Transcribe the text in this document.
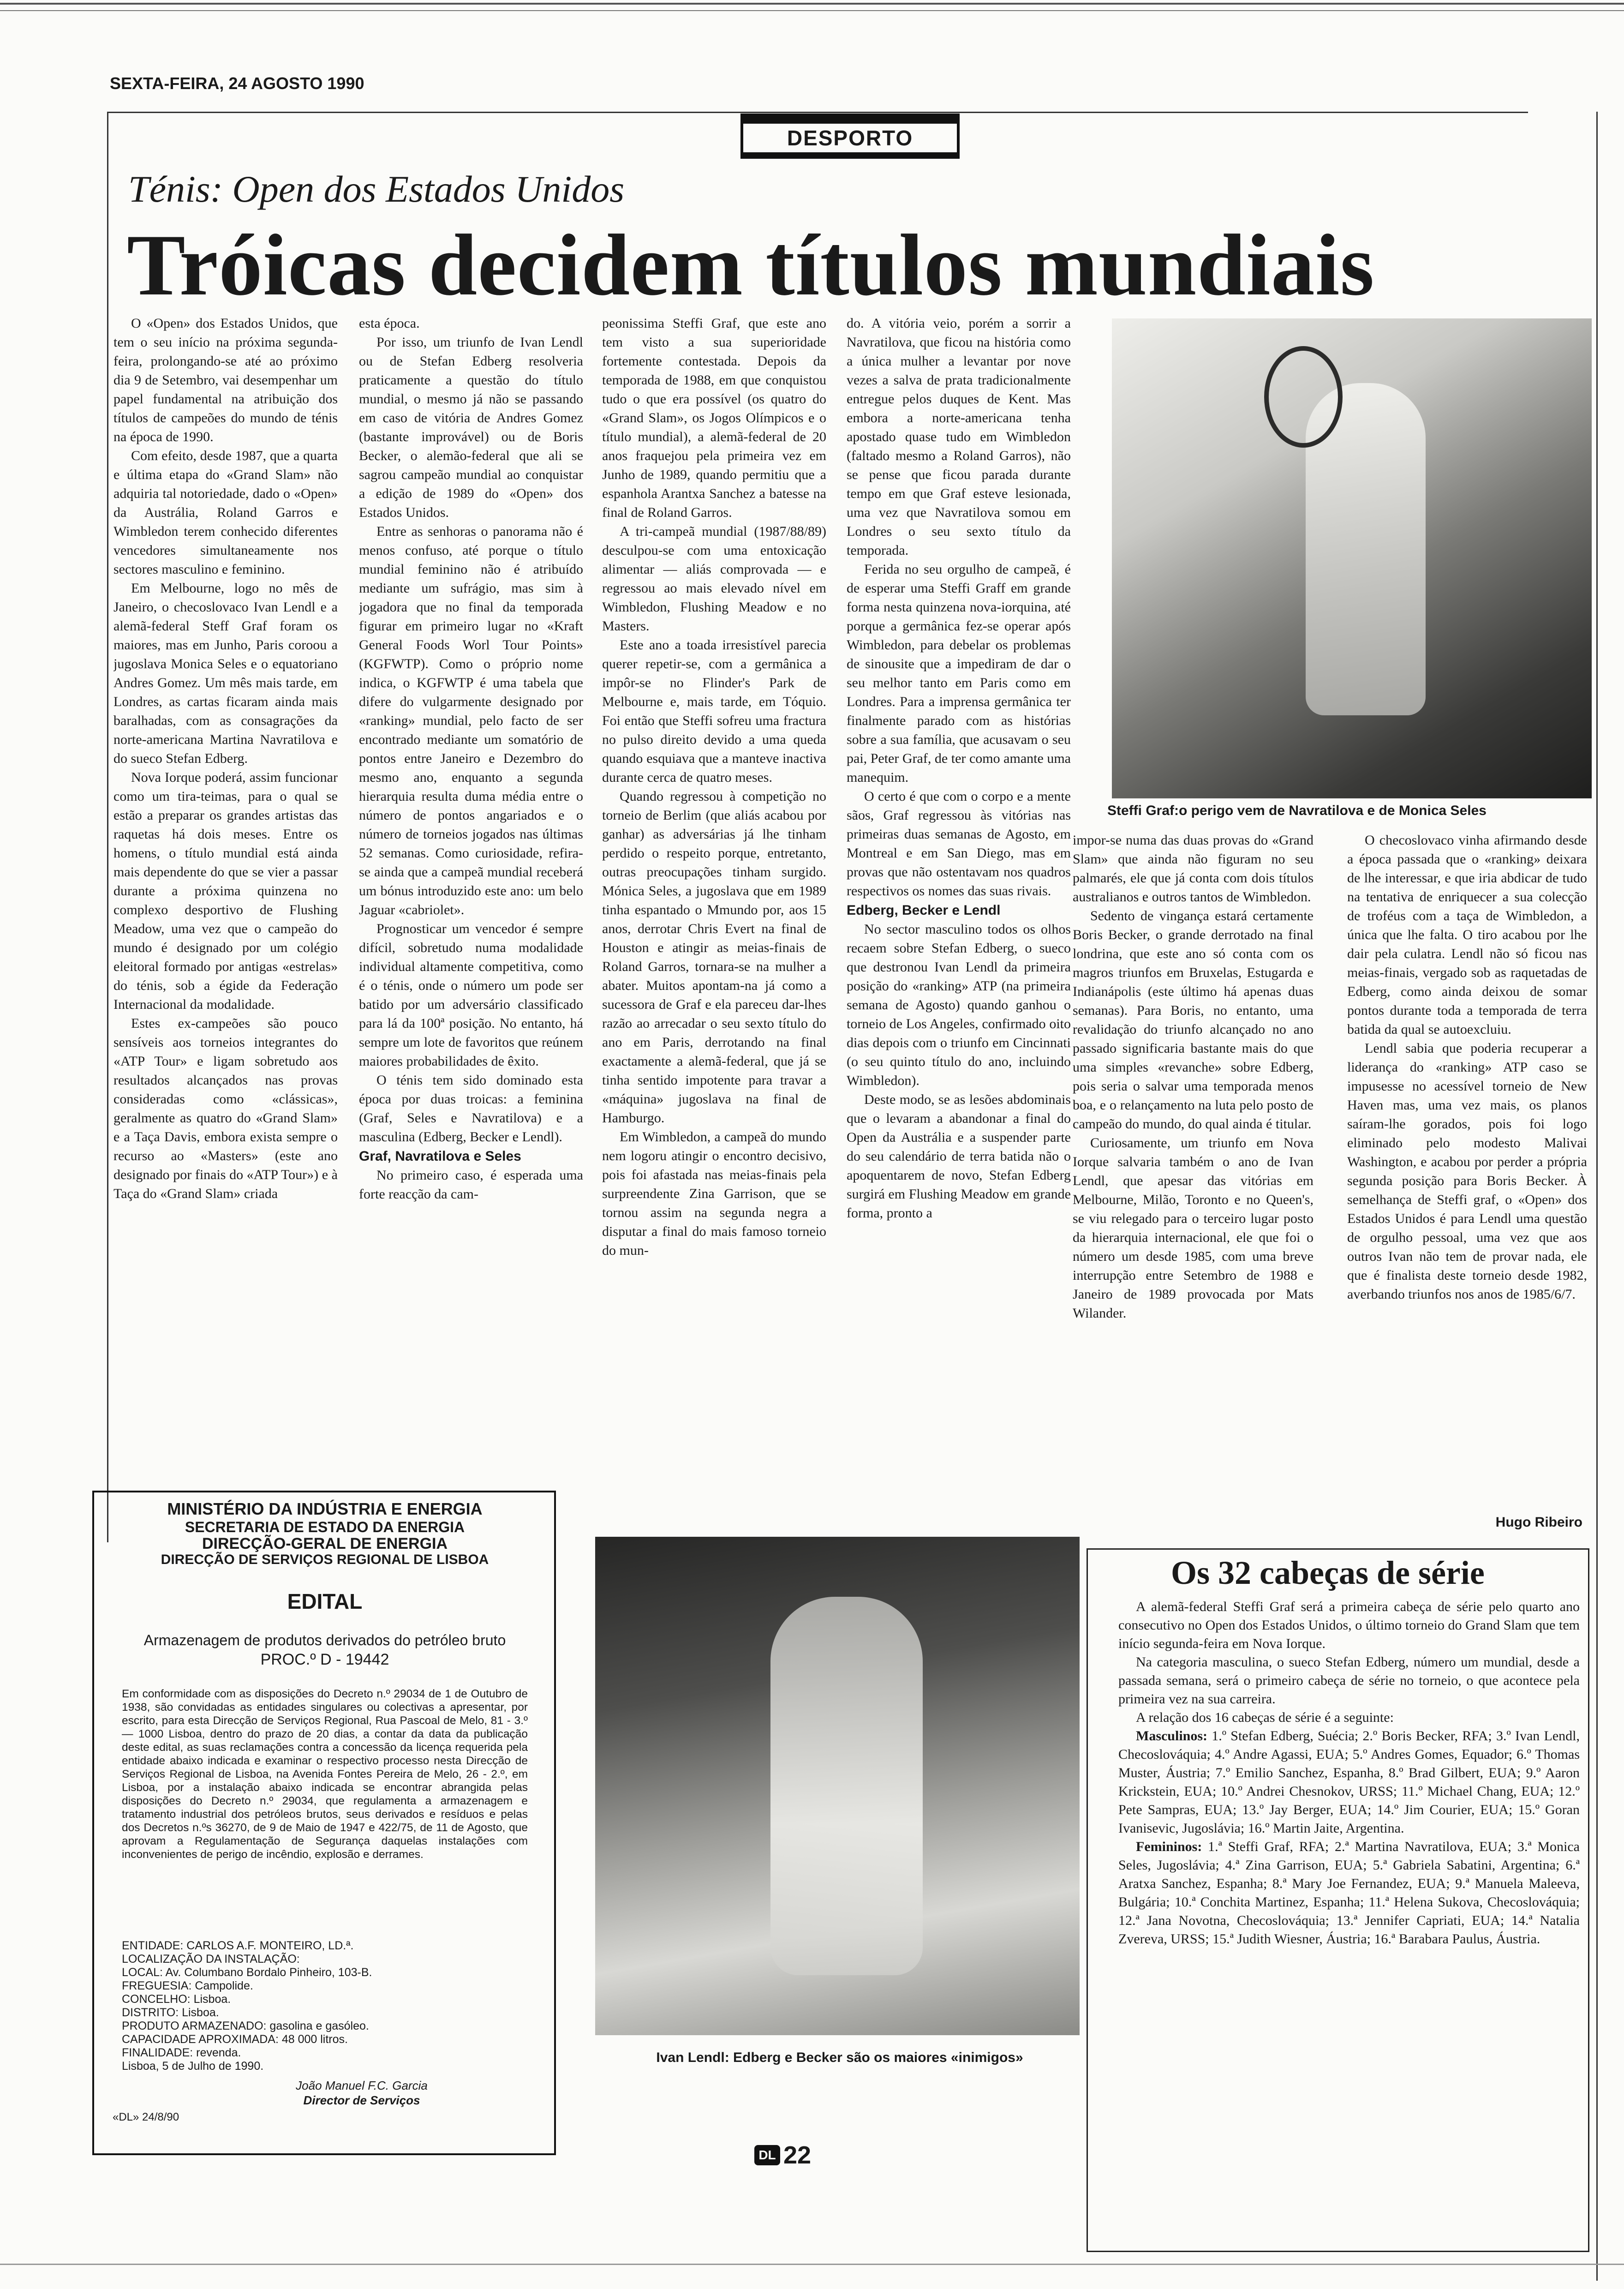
SEXTA-FEIRA, 24 AGOSTO 1990
DESPORTO
Ténis: Open dos Estados Unidos
Tróicas decidem títulos mundiais

O «Open» dos Estados Unidos, que tem o seu início na próxima segunda-feira, prolongando-se até ao próximo dia 9 de Setembro, vai desempenhar um papel fundamental na atribuição dos títulos de campeões do mundo de ténis na época de 1990.

Com efeito, desde 1987, que a quarta e última etapa do «Grand Slam» não adquiria tal notoriedade, dado o «Open» da Austrália, Roland Garros e Wimbledon terem conhecido diferentes vencedores simultaneamente nos sectores masculino e feminino.

Em Melbourne, logo no mês de Janeiro, o checoslovaco Ivan Lendl e a alemã-federal Steff Graf foram os maiores, mas em Junho, Paris coroou a jugoslava Monica Seles e o equatoriano Andres Gomez. Um mês mais tarde, em Londres, as cartas ficaram ainda mais baralhadas, com as consagrações da norte-americana Martina Navratilova e do sueco Stefan Edberg.

Nova Iorque poderá, assim funcionar como um tira-teimas, para o qual se estão a preparar os grandes artistas das raquetas há dois meses. Entre os homens, o título mundial está ainda mais dependente do que se vier a passar durante a próxima quinzena no complexo desportivo de Flushing Meadow, uma vez que o campeão do mundo é designado por um colégio eleitoral formado por antigas «estrelas» do ténis, sob a égide da Federação Internacional da modalidade.

Estes ex-campeões são pouco sensíveis aos torneios integrantes do «ATP Tour» e ligam sobretudo aos resultados alcançados nas provas consideradas como «clássicas», geralmente as quatro do «Grand Slam» e a Taça Davis, embora exista sempre o recurso ao «Masters» (este ano designado por finais do «ATP Tour») e à Taça do «Grand Slam» criada

esta época.

Por isso, um triunfo de Ivan Lendl ou de Stefan Edberg resolveria praticamente a questão do título mundial, o mesmo já não se passando em caso de vitória de Andres Gomez (bastante improvável) ou de Boris Becker, o alemão-federal que ali se sagrou campeão mundial ao conquistar a edição de 1989 do «Open» dos Estados Unidos.

Entre as senhoras o panorama não é menos confuso, até porque o título mundial feminino não é atribuído mediante um sufrágio, mas sim à jogadora que no final da temporada figurar em primeiro lugar no «Kraft General Foods Worl Tour Points» (KGFWTP). Como o próprio nome indica, o KGFWTP é uma tabela que difere do vulgarmente designado por «ranking» mundial, pelo facto de ser encontrado mediante um somatório de pontos entre Janeiro e Dezembro do mesmo ano, enquanto a segunda hierarquia resulta duma média entre o número de pontos angariados e o número de torneios jogados nas últimas 52 semanas. Como curiosidade, refira-se ainda que a campeã mundial receberá um bónus introduzido este ano: um belo Jaguar «cabriolet».

Prognosticar um vencedor é sempre difícil, sobretudo numa modalidade individual altamente competitiva, como é o ténis, onde o número um pode ser batido por um adversário classificado para lá da 100ª posição. No entanto, há sempre um lote de favoritos que reúnem maiores probabilidades de êxito.

O ténis tem sido dominado esta época por duas troicas: a feminina (Graf, Seles e Navratilova) e a masculina (Edberg, Becker e Lendl).

Graf, Navratilova e Seles

No primeiro caso, é esperada uma forte reacção da cam-

peonissima Steffi Graf, que este ano tem visto a sua superioridade fortemente contestada. Depois da temporada de 1988, em que conquistou tudo o que era possível (os quatro do «Grand Slam», os Jogos Olímpicos e o título mundial), a alemã-federal de 20 anos fraquejou pela primeira vez em Junho de 1989, quando permitiu que a espanhola Arantxa Sanchez a batesse na final de Roland Garros.

A tri-campeã mundial (1987/88/89) desculpou-se com uma entoxicação alimentar — aliás comprovada — e regressou ao mais elevado nível em Wimbledon, Flushing Meadow e no Masters.

Este ano a toada irresistível parecia querer repetir-se, com a germânica a impôr-se no Flinder's Park de Melbourne e, mais tarde, em Tóquio. Foi então que Steffi sofreu uma fractura no pulso direito devido a uma queda quando esquiava que a manteve inactiva durante cerca de quatro meses.

Quando regressou à competição no torneio de Berlim (que aliás acabou por ganhar) as adversárias já lhe tinham perdido o respeito porque, entretanto, outras preocupações tinham surgido. Mónica Seles, a jugoslava que em 1989 tinha espantado o Mmundo por, aos 15 anos, derrotar Chris Evert na final de Houston e atingir as meias-finais de Roland Garros, tornara-se na mulher a abater. Muitos apontam-na já como a sucessora de Graf e ela pareceu dar-lhes razão ao arrecadar o seu sexto título do ano em Paris, derrotando na final exactamente a alemã-federal, que já se tinha sentido impotente para travar a «máquina» jugoslava na final de Hamburgo.

Em Wimbledon, a campeã do mundo nem logoru atingir o encontro decisivo, pois foi afastada nas meias-finais pela surpreendente Zina Garrison, que se tornou assim na segunda negra a disputar a final do mais famoso torneio do mun-

do. A vitória veio, porém a sorrir a Navratilova, que ficou na história como a única mulher a levantar por nove vezes a salva de prata tradicionalmente entregue pelos duques de Kent. Mas embora a norte-americana tenha apostado quase tudo em Wimbledon (faltado mesmo a Roland Garros), não se pense que ficou parada durante tempo em que Graf esteve lesionada, uma vez que Navratilova somou em Londres o seu sexto título da temporada.

Ferida no seu orgulho de campeã, é de esperar uma Steffi Graff em grande forma nesta quinzena nova-iorquina, até porque a germânica fez-se operar após Wimbledon, para debelar os problemas de sinousite que a impediram de dar o seu melhor tanto em Paris como em Londres. Para a imprensa germânica ter finalmente parado com as histórias sobre a sua família, que acusavam o seu pai, Peter Graf, de ter como amante uma manequim.

O certo é que com o corpo e a mente sãos, Graf regressou às vitórias nas primeiras duas semanas de Agosto, em Montreal e em San Diego, mas em provas que não ostentavam nos quadros respectivos os nomes das suas rivais.

Edberg, Becker e Lendl

No sector masculino todos os olhos recaem sobre Stefan Edberg, o sueco que destronou Ivan Lendl da primeira posição do «ranking» ATP (na primeira semana de Agosto) quando ganhou o torneio de Los Angeles, confirmado oito dias depois com o triunfo em Cincinnati (o seu quinto título do ano, incluindo Wimbledon).

Deste modo, se as lesões abdominais que o levaram a abandonar a final do Open da Austrália e a suspender parte do seu calendário de terra batida não o apoquentarem de novo, Stefan Edberg surgirá em Flushing Meadow em grande forma, pronto a

Steffi Graf:o perigo vem de Navratilova e de Monica Seles

impor-se numa das duas provas do «Grand Slam» que ainda não figuram no seu palmarés, ele que já conta com dois títulos australianos e outros tantos de Wimbledon.

Sedento de vingança estará certamente Boris Becker, o grande derrotado na final londrina, que este ano só conta com os magros triunfos em Bruxelas, Estugarda e Indianápolis (este último há apenas duas semanas). Para Boris, no entanto, uma revalidação do triunfo alcançado no ano passado significaria bastante mais do que uma simples «revanche» sobre Edberg, pois seria o salvar uma temporada menos boa, e o relançamento na luta pelo posto de campeão do mundo, do qual ainda é titular.

Curiosamente, um triunfo em Nova Iorque salvaria também o ano de Ivan Lendl, que apesar das vitórias em Melbourne, Milão, Toronto e no Queen's, se viu relegado para o terceiro lugar posto da hierarquia internacional, ele que foi o número um desde 1985, com uma breve interrupção entre Setembro de 1988 e Janeiro de 1989 provocada por Mats Wilander.

O checoslovaco vinha afirmando desde a época passada que o «ranking» deixara de lhe interessar, e que iria abdicar de tudo na tentativa de enriquecer a sua colecção de troféus com a taça de Wimbledon, a única que lhe falta. O tiro acabou por lhe dair pela culatra. Lendl não só ficou nas meias-finais, vergado sob as raquetadas de Edberg, como ainda deixou de somar pontos durante toda a temporada de terra batida da qual se autoexcluiu.

Lendl sabia que poderia recuperar a liderança do «ranking» ATP caso se impusesse no acessível torneio de New Haven mas, uma vez mais, os planos saíram-lhe gorados, pois foi logo eliminado pelo modesto Malivai Washington, e acabou por perder a própria segunda posição para Boris Becker. À semelhança de Steffi graf, o «Open» dos Estados Unidos é para Lendl uma questão de orgulho pessoal, uma vez que aos outros Ivan não tem de provar nada, ele que é finalista deste torneio desde 1982, averbando triunfos nos anos de 1985/6/7.

Hugo Ribeiro
MINISTÉRIO DA INDÚSTRIA E ENERGIA
SECRETARIA DE ESTADO DA ENERGIA
DIRECÇÃO-GERAL DE ENERGIA
DIRECÇÃO DE SERVIÇOS REGIONAL DE LISBOA
EDITAL
Armazenagem de produtos derivados do petróleo bruto
PROC.º D - 19442
Em conformidade com as disposições do Decreto n.º 29034 de 1 de Outubro de 1938, são convidadas as entidades singulares ou colectivas a apresentar, por escrito, para esta Direcção de Serviços Regional, Rua Pascoal de Melo, 81 - 3.º — 1000 Lisboa, dentro do prazo de 20 dias, a contar da data da publicação deste edital, as suas reclamações contra a concessão da licença requerida pela entidade abaixo indicada e examinar o respectivo processo nesta Direcção de Serviços Regional de Lisboa, na Avenida Fontes Pereira de Melo, 26 - 2.º, em Lisboa, por a instalação abaixo indicada se encontrar abrangida pelas disposições do Decreto n.º 29034, que regulamenta a armazenagem e tratamento industrial dos petróleos brutos, seus derivados e resíduos e pelas dos Decretos n.ºs 36270, de 9 de Maio de 1947 e 422/75, de 11 de Agosto, que aprovam a Regulamentação de Segurança daquelas instalações com inconvenientes de perigo de incêndio, explosão e derrames.
ENTIDADE: CARLOS A.F. MONTEIRO, LD.ª.
LOCALIZAÇÃO DA INSTALAÇÃO:
LOCAL: Av. Columbano Bordalo Pinheiro, 103-B.
FREGUESIA: Campolide.
CONCELHO: Lisboa.
DISTRITO: Lisboa.
PRODUTO ARMAZENADO: gasolina e gasóleo.
CAPACIDADE APROXIMADA: 48 000 litros.
FINALIDADE: revenda.
Lisboa, 5 de Julho de 1990.
João Manuel F.C. Garcia
Director de Serviços
«DL» 24/8/90
Ivan Lendl: Edberg e Becker são os maiores «inimigos»
Os 32 cabeças de série

A alemã-federal Steffi Graf será a primeira cabeça de série pelo quarto ano consecutivo no Open dos Estados Unidos, o último torneio do Grand Slam que tem início segunda-feira em Nova Iorque.

Na categoria masculina, o sueco Stefan Edberg, número um mundial, desde a passada semana, será o primeiro cabeça de série no torneio, o que acontece pela primeira vez na sua carreira.

A relação dos 16 cabeças de série é a seguinte:

Masculinos: 1.º Stefan Edberg, Suécia; 2.º Boris Becker, RFA; 3.º Ivan Lendl, Checoslováquia; 4.º Andre Agassi, EUA; 5.º Andres Gomes, Equador; 6.º Thomas Muster, Áustria; 7.º Emilio Sanchez, Espanha, 8.º Brad Gilbert, EUA; 9.º Aaron Krickstein, EUA; 10.º Andrei Chesnokov, URSS; 11.º Michael Chang, EUA; 12.º Pete Sampras, EUA; 13.º Jay Berger, EUA; 14.º Jim Courier, EUA; 15.º Goran Ivanisevic, Jugoslávia; 16.º Martin Jaite, Argentina.

Femininos: 1.ª Steffi Graf, RFA; 2.ª Martina Navratilova, EUA; 3.ª Monica Seles, Jugoslávia; 4.ª Zina Garrison, EUA; 5.ª Gabriela Sabatini, Argentina; 6.ª Aratxa Sanchez, Espanha; 8.ª Mary Joe Fernandez, EUA; 9.ª Manuela Maleeva, Bulgária; 10.ª Conchita Martinez, Espanha; 11.ª Helena Sukova, Checoslováquia; 12.ª Jana Novotna, Checoslováquia; 13.ª Jennifer Capriati, EUA; 14.ª Natalia Zvereva, URSS; 15.ª Judith Wiesner, Áustria; 16.ª Barabara Paulus, Áustria.

DL 22
